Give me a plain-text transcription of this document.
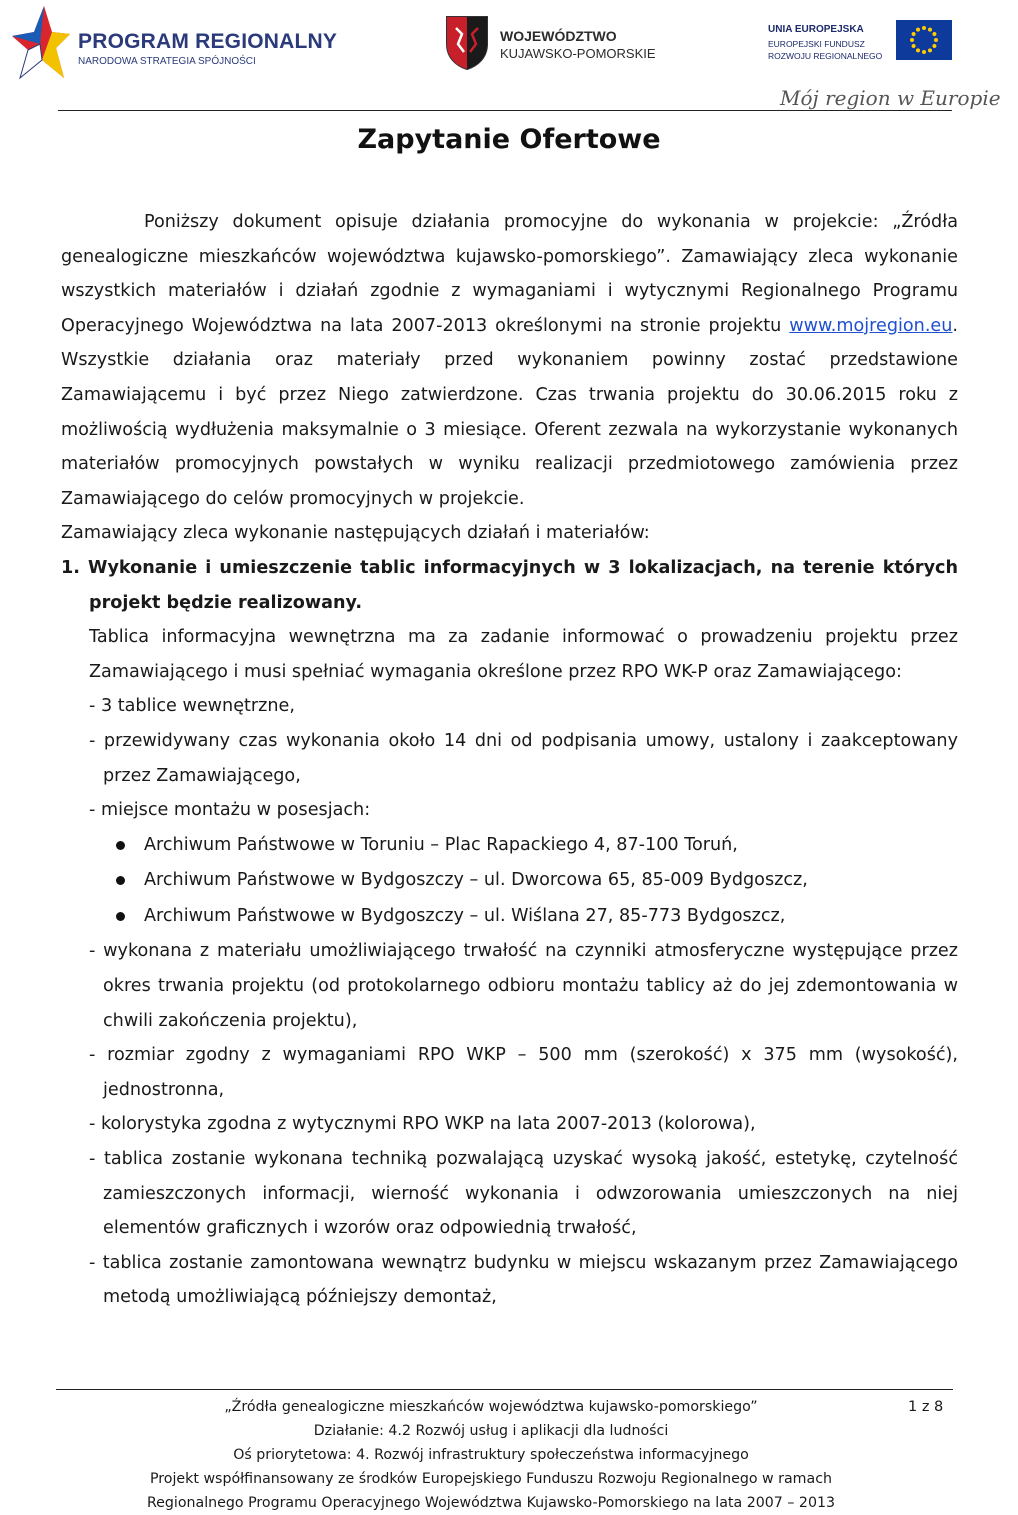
PROGRAM REGIONALNY
NARODOWA STRATEGIA SPÓJNOŚCI
WOJEWÓDZTWO
KUJAWSKO-POMORSKIE
UNIA EUROPEJSKA
EUROPEJSKI FUNDUSZ
ROZWOJU REGIONALNEGO
Mój region w Europie
Zapytanie Ofertowe

Poniższy dokument opisuje działania promocyjne do wykonania w projekcie: „Źródła genealogiczne mieszkańców województwa kujawsko-pomorskiego”. Zamawiający zleca wykonanie wszystkich materiałów i działań zgodnie z wymaganiami i wytycznymi Regionalnego Programu Operacyjnego Województwa na lata 2007-2013 określonymi na stronie projektu www.mojregion.eu. Wszystkie działania oraz materiały przed wykonaniem powinny zostać przedstawione Zamawiającemu i być przez Niego zatwierdzone. Czas trwania projektu do 30.06.2015 roku z możliwością wydłużenia maksymalnie o 3 miesiące. Oferent zezwala na wykorzystanie wykonanych materiałów promocyjnych powstałych w wyniku realizacji przedmiotowego zamówienia przez Zamawiającego do celów promocyjnych w projekcie.

Zamawiający zleca wykonanie następujących działań i materiałów:

1. Wykonanie i umieszczenie tablic informacyjnych w 3 lokalizacjach, na terenie których projekt będzie realizowany.

Tablica informacyjna wewnętrzna ma za zadanie informować o prowadzeniu projektu przez Zamawiającego i musi spełniać wymagania określone przez RPO WK-P oraz Zamawiającego:

- 3 tablice wewnętrzne,

- przewidywany czas wykonania około 14 dni od podpisania umowy, ustalony i zaakceptowany przez Zamawiającego,

- miejsce montażu w posesjach:

Archiwum Państwowe w Toruniu – Plac Rapackiego 4, 87-100 Toruń,
Archiwum Państwowe w Bydgoszczy – ul. Dworcowa 65, 85-009 Bydgoszcz,
Archiwum Państwowe w Bydgoszczy – ul. Wiślana 27, 85-773 Bydgoszcz,

- wykonana z materiału umożliwiającego trwałość na czynniki atmosferyczne występujące przez okres trwania projektu (od protokolarnego odbioru montażu tablicy aż do jej zdemontowania w chwili zakończenia projektu),

- rozmiar zgodny z wymaganiami RPO WKP – 500 mm (szerokość) x 375 mm (wysokość), jednostronna,

- kolorystyka zgodna z wytycznymi RPO WKP na lata 2007-2013 (kolorowa),

- tablica zostanie wykonana techniką pozwalającą uzyskać wysoką jakość, estetykę, czytelność zamieszczonych informacji, wierność wykonania i odwzorowania umieszczonych na niej elementów graficznych i wzorów oraz odpowiednią trwałość,

- tablica zostanie zamontowana wewnątrz budynku w miejscu wskazanym przez Zamawiającego metodą umożliwiającą późniejszy demontaż,

„Źródła genealogiczne mieszkańców województwa kujawsko-pomorskiego”
Działanie: 4.2 Rozwój usług i aplikacji dla ludności
Oś priorytetowa: 4. Rozwój infrastruktury społeczeństwa informacyjnego
Projekt współfinansowany ze środków Europejskiego Funduszu Rozwoju Regionalnego w ramach
Regionalnego Programu Operacyjnego Województwa Kujawsko-Pomorskiego na lata 2007 – 2013
1 z 8
